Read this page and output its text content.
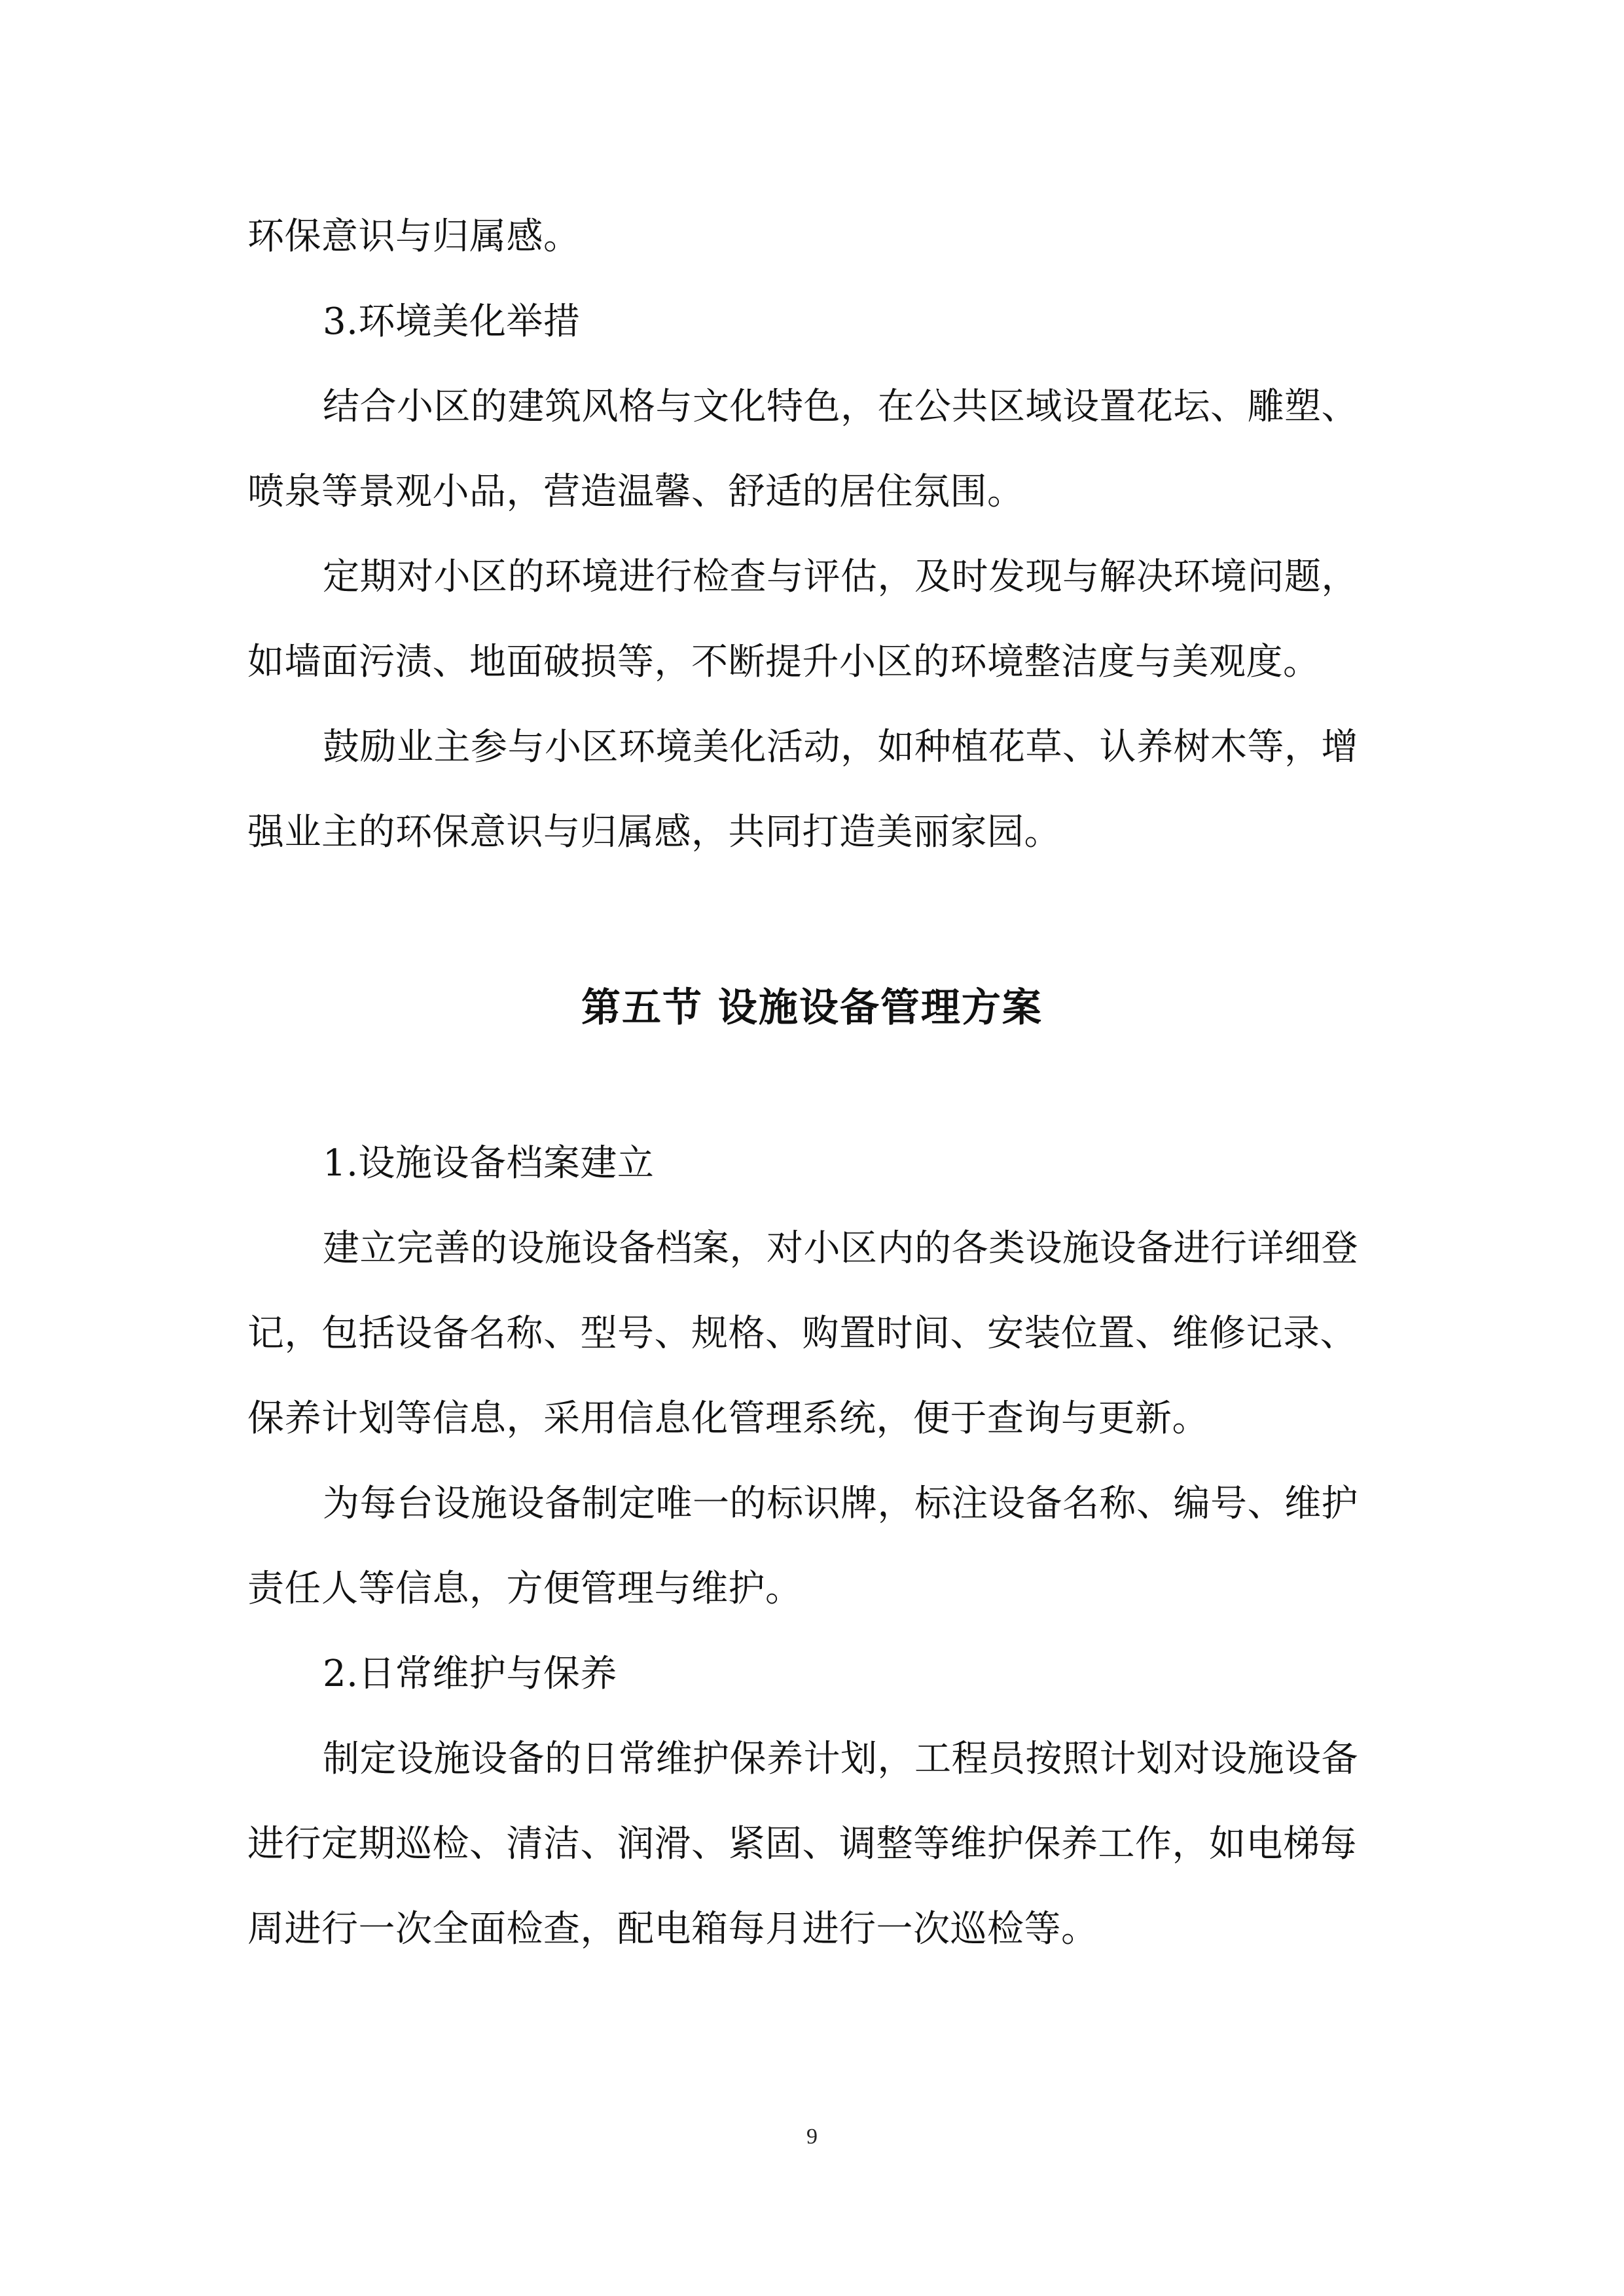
环保意识与归属感。
3.环境美化举措
结合小区的建筑风格与文化特色，在公共区域设置花坛、雕塑、
喷泉等景观小品，营造温馨、舒适的居住氛围。
定期对小区的环境进行检查与评估，及时发现与解决环境问题，
如墙面污渍、地面破损等，不断提升小区的环境整洁度与美观度。
鼓励业主参与小区环境美化活动，如种植花草、认养树木等，增
强业主的环保意识与归属感，共同打造美丽家园。
第五节 设施设备管理方案
1.设施设备档案建立
建立完善的设施设备档案，对小区内的各类设施设备进行详细登
记，包括设备名称、型号、规格、购置时间、安装位置、维修记录、
保养计划等信息，采用信息化管理系统，便于查询与更新。
为每台设施设备制定唯一的标识牌，标注设备名称、编号、维护
责任人等信息，方便管理与维护。
2.日常维护与保养
制定设施设备的日常维护保养计划，工程员按照计划对设施设备
进行定期巡检、清洁、润滑、紧固、调整等维护保养工作，如电梯每
周进行一次全面检查，配电箱每月进行一次巡检等。
9
